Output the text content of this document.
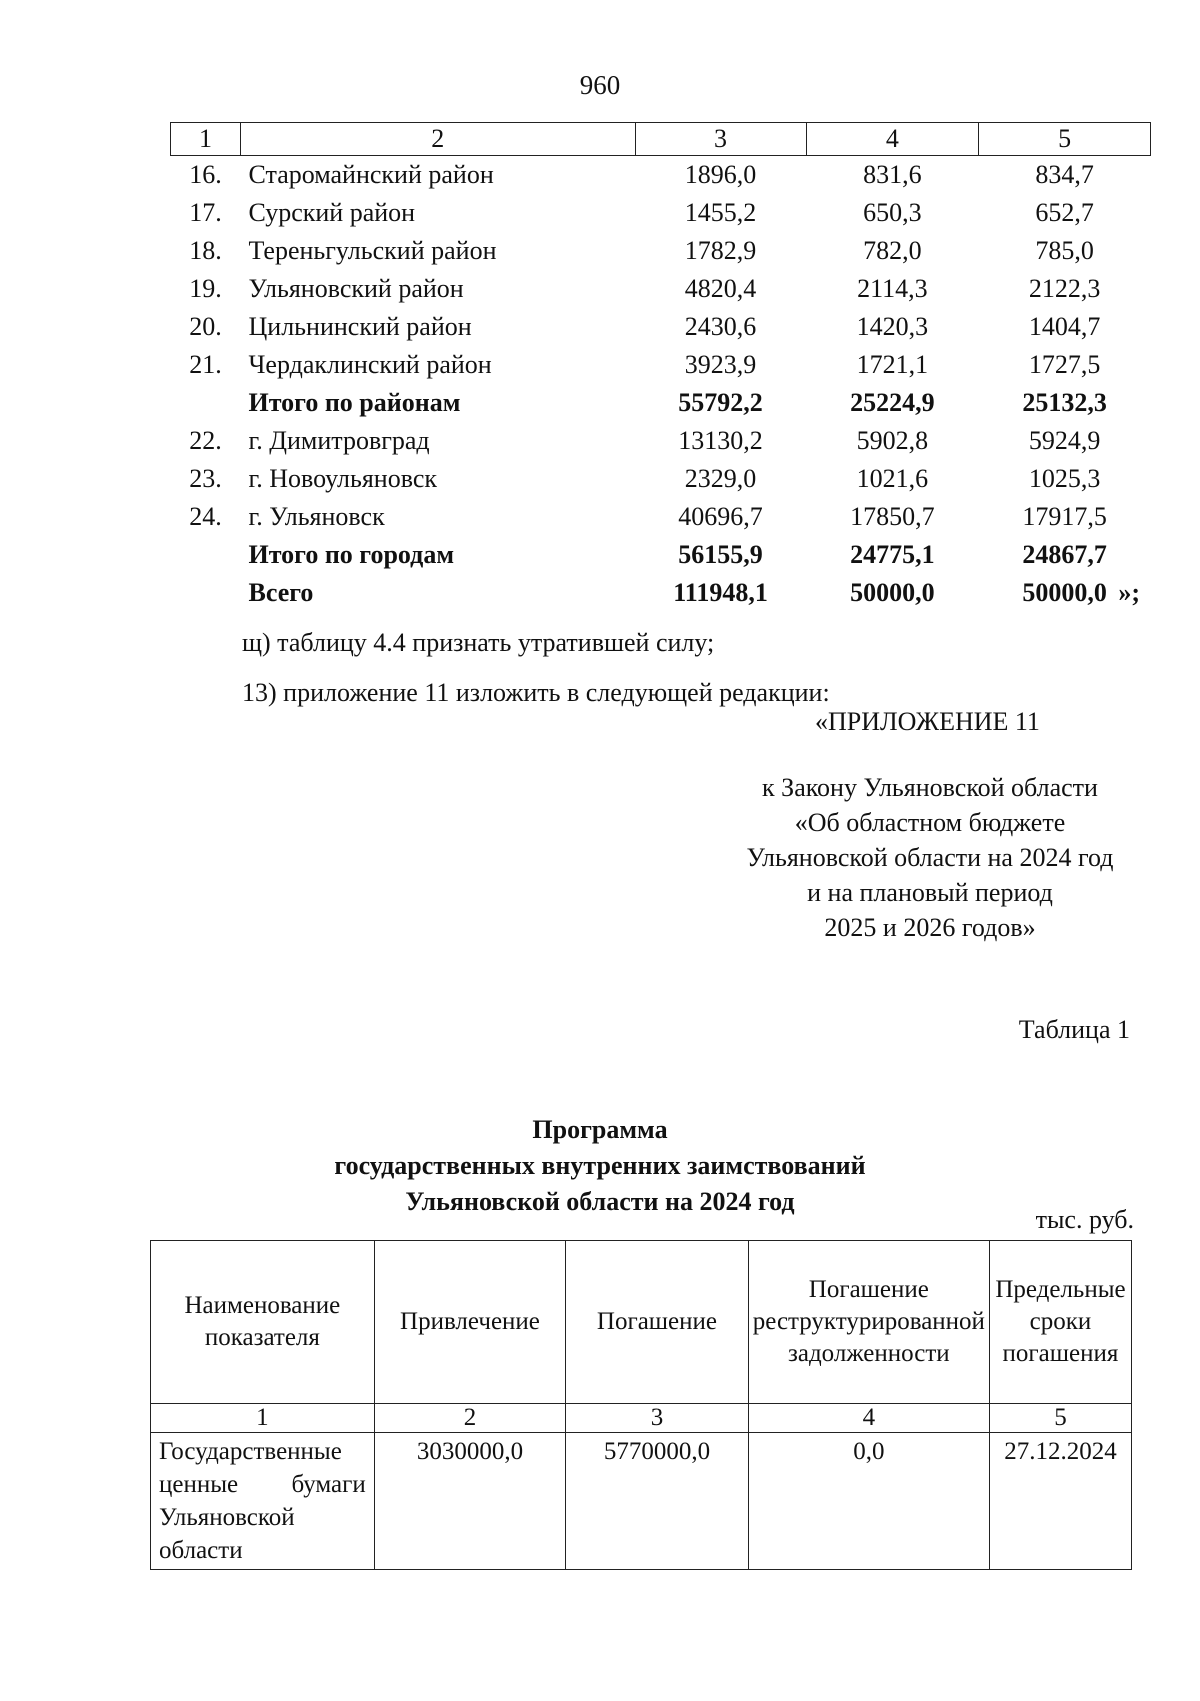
960
1	2	3	4	5
16.	Старомайнский район	1896,0	831,6	834,7
17.	Сурский район	1455,2	650,3	652,7
18.	Тереньгульский район	1782,9	782,0	785,0
19.	Ульяновский район	4820,4	2114,3	2122,3
20.	Цильнинский район	2430,6	1420,3	1404,7
21.	Чердаклинский район	3923,9	1721,1	1727,5
	Итого по районам	55792,2	25224,9	25132,3
22.	г. Димитровград	13130,2	5902,8	5924,9
23.	г. Новоульяновск	2329,0	1021,6	1025,3
24.	г. Ульяновск	40696,7	17850,7	17917,5
	Итого по городам	56155,9	24775,1	24867,7
	Всего	111948,1	50000,0	50000,0 »;
щ) таблицу 4.4 признать утратившей силу;
13) приложение 11 изложить в следующей редакции:
«ПРИЛОЖЕНИЕ 11
к Закону Ульяновской области
«Об областном бюджете
Ульяновской области на 2024 год
и на плановый период
2025 и 2026 годов»
Таблица 1
Программа
государственных внутренних заимствований
Ульяновской области на 2024 год
тыс. руб.
Наименование показателя	Привлечение	Погашение	Погашение реструктурированной задолженности	Предельные сроки погашения
1	2	3	4	5
Государственные ценные бумаги Ульяновской области	3030000,0	5770000,0	0,0	27.12.2024
